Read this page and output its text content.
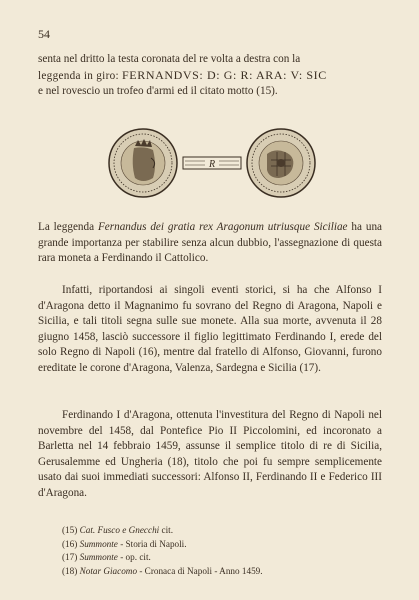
54

senta nel dritto la testa coronata del re volta a destra con la
leggenda in giro: FERNANDVS: D: G: R: ARA: V: SIC
e nel rovescio un trofeo d'armi ed il citato motto (15).

R

La leggenda Fernandus dei gratia rex Aragonum utriusque Siciliae ha una grande importanza per stabilire senza alcun dubbio, l'assegnazione di questa rara moneta a Ferdinando il Cattolico.

Infatti, riportandosi ai singoli eventi storici, si ha che Alfonso I d'Aragona detto il Magnanimo fu sovrano del Regno di Aragona, Napoli e Sicilia, e tali titoli segna sulle sue monete. Alla sua morte, avvenuta il 28 giugno 1458, lasciò successore il figlio legittimato Ferdinando I, erede del solo Regno di Napoli (16), mentre dal fratello di Alfonso, Giovanni, furono ereditate le corone d'Aragona, Valenza, Sardegna e Sicilia (17).

Ferdinando I d'Aragona, ottenuta l'investitura del Regno di Napoli nel novembre del 1458, dal Pontefice Pio II Piccolomini, ed incoronato a Barletta nel 14 febbraio 1459, assunse il semplice titolo di re di Sicilia, Gerusalemme ed Ungheria (18), titolo che poi fu sempre semplicemente usato dai suoi immediati successori: Alfonso II, Ferdinando II e Federico III d'Aragona.

(15) Cat. Fusco e Gnecchi cit.
(16) Summonte - Storia di Napoli.
(17) Summonte - op. cit.
(18) Notar Giacomo - Cronaca di Napoli - Anno 1459.
